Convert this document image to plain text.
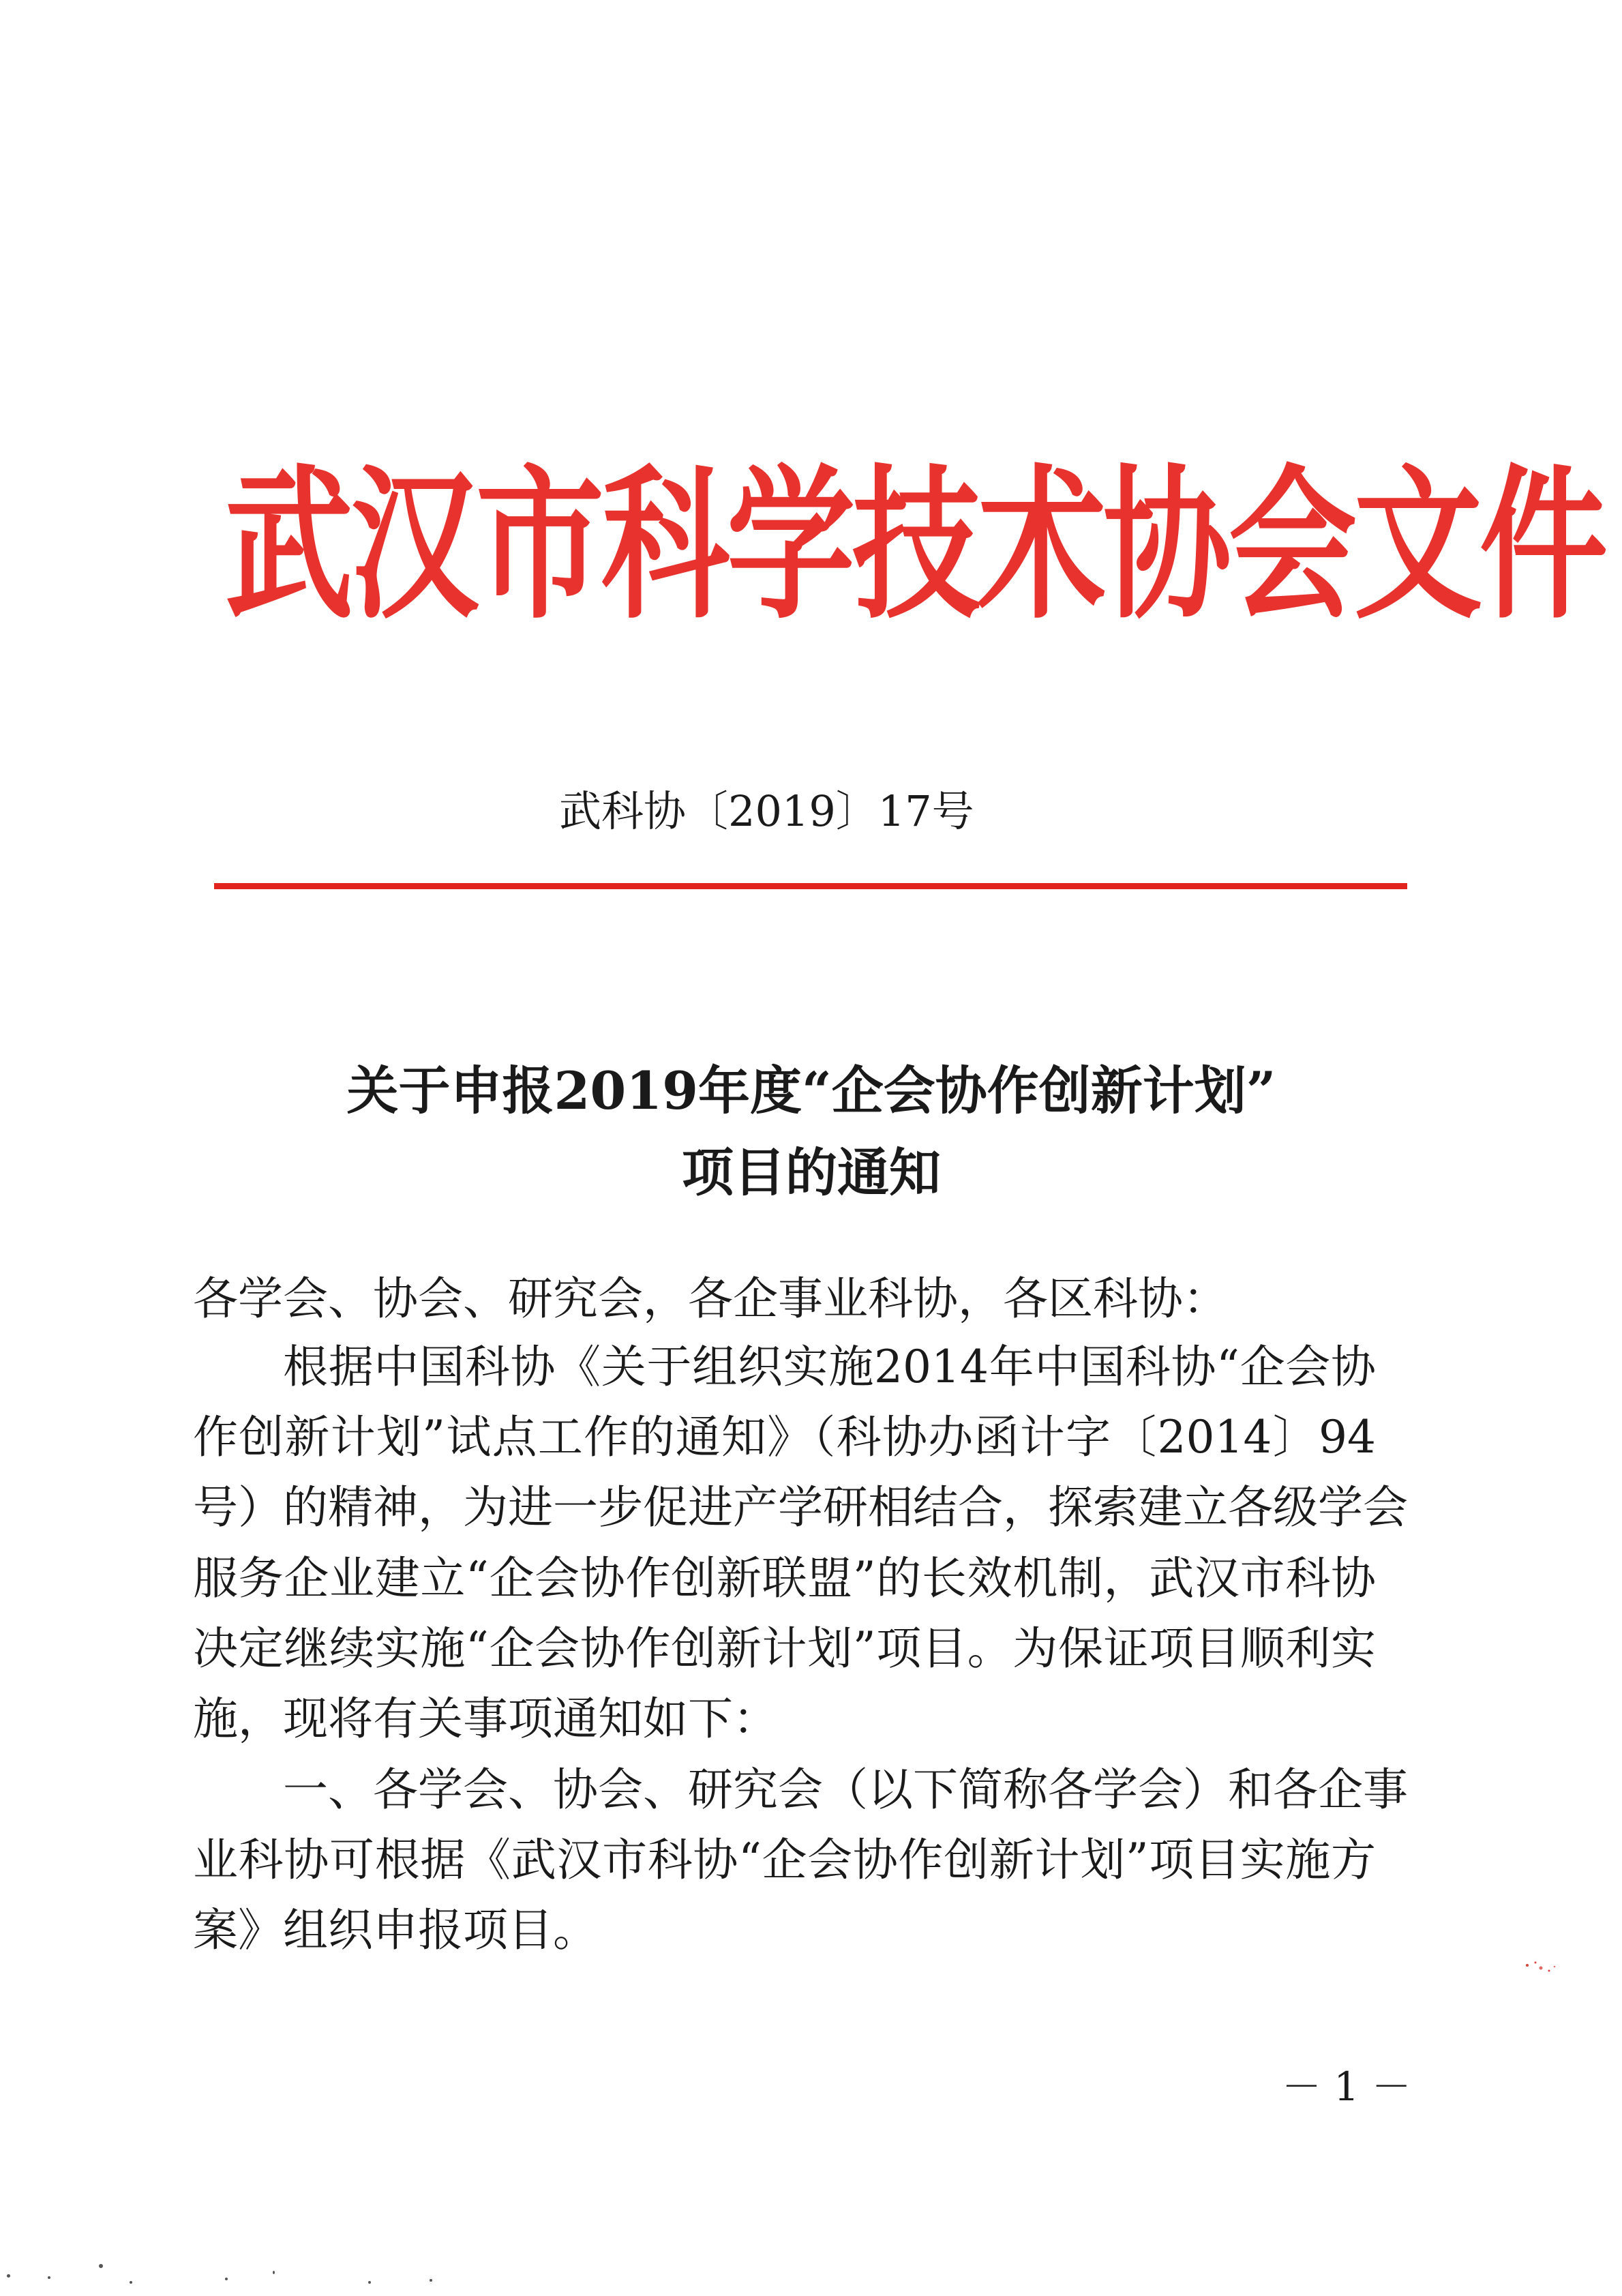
武汉市科学技术协会文件
武科协〔2019〕17号
关于申报2019年度“企会协作创新计划”
项目的通知
各学会、协会、研究会，各企事业科协，各区科协：
根据中国科协《关于组织实施2014年中国科协“企会协
作创新计划”试点工作的通知》（科协办函计字〔2014〕94
号）的精神，为进一步促进产学研相结合，探索建立各级学会
服务企业建立“企会协作创新联盟”的长效机制，武汉市科协
决定继续实施“企会协作创新计划”项目。为保证项目顺利实
施，现将有关事项通知如下：
一、各学会、协会、研究会（以下简称各学会）和各企事
业科协可根据《武汉市科协“企会协作创新计划”项目实施方
案》组织申报项目。
－ 1 －
